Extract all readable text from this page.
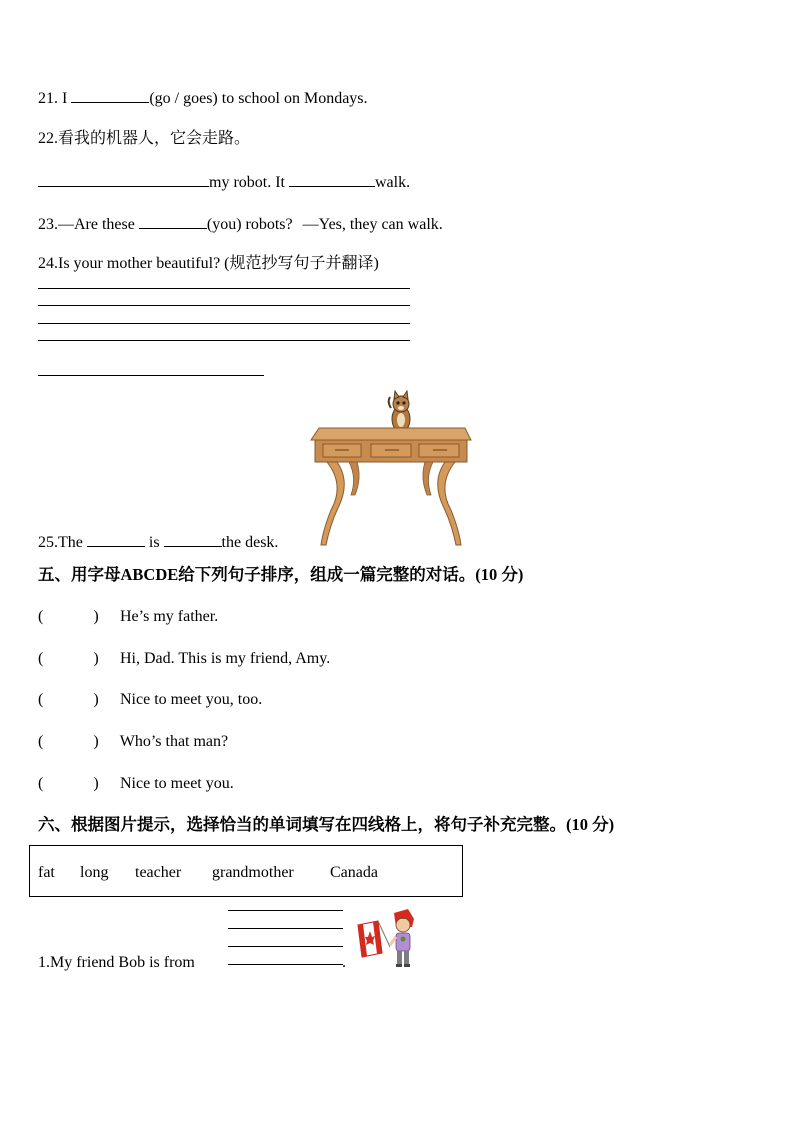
21. I	(go / goes) to school on Mondays.
22.看我的机器人，它会走路。
my robot. It	walk.
23.—Are these	(you) robots? —Yes, they can walk.
24.Is your mother beautiful? (规范抄写句子并翻译)
25.The	is	the desk.
五、用字母ABCDE给下列句子排序，组成一篇完整的对话。(10 分)
(	) He’s my father.
(	) Hi, Dad. This is my friend, Amy.
(	) Nice to meet you, too.
(	) Who’s that man?
(	) Nice to meet you.
六、根据图片提示，选择恰当的单词填写在四线格上，将句子补充完整。(10 分)
fat long teacher grandmother Canada
1.My friend Bob is from	.
